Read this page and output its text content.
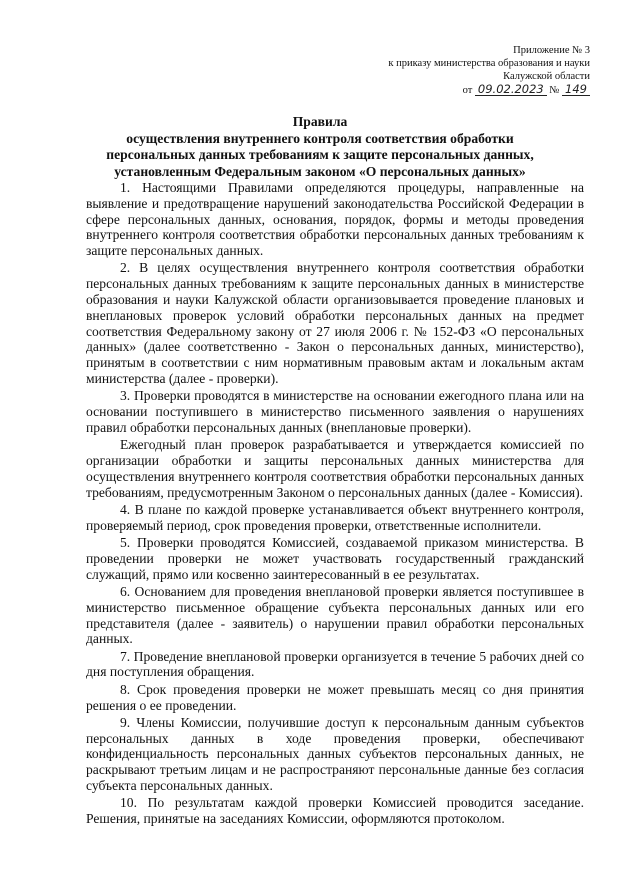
Приложение № 3
к приказу министерства образования и науки
Калужской области
от 09.02.2023 № 149
Правила
осуществления внутреннего контроля соответствия обработки персональных данных требованиям к защите персональных данных, установленным Федеральным законом «О персональных данных»

1. Настоящими Правилами определяются процедуры, направленные на выявление и предотвращение нарушений законодательства Российской Федерации в сфере персональных данных, основания, порядок, формы и методы проведения внутреннего контроля соответствия обработки персональных данных требованиям к защите персональных данных.

2. В целях осуществления внутреннего контроля соответствия обработки персональных данных требованиям к защите персональных данных в министерстве образования и науки Калужской области организовывается проведение плановых и внеплановых проверок условий обработки персональных данных на предмет соответствия Федеральному закону от 27 июля 2006 г. № 152-ФЗ «О персональных данных» (далее соответственно - Закон о персональных данных, министерство), принятым в соответствии с ним нормативным правовым актам и локальным актам министерства (далее - проверки).

3. Проверки проводятся в министерстве на основании ежегодного плана или на основании поступившего в министерство письменного заявления о нарушениях правил обработки персональных данных (внеплановые проверки).

Ежегодный план проверок разрабатывается и утверждается комиссией по организации обработки и защиты персональных данных министерства для осуществления внутреннего контроля соответствия обработки персональных данных требованиям, предусмотренным Законом о персональных данных (далее - Комиссия).

4. В плане по каждой проверке устанавливается объект внутреннего контроля, проверяемый период, срок проведения проверки, ответственные исполнители.

5. Проверки проводятся Комиссией, создаваемой приказом министерства. В проведении проверки не может участвовать государственный гражданский служащий, прямо или косвенно заинтересованный в ее результатах.

6. Основанием для проведения внеплановой проверки является поступившее в министерство письменное обращение субъекта персональных данных или его представителя (далее - заявитель) о нарушении правил обработки персональных данных.

7. Проведение внеплановой проверки организуется в течение 5 рабочих дней со дня поступления обращения.

8. Срок проведения проверки не может превышать месяц со дня принятия решения о ее проведении.

9. Члены Комиссии, получившие доступ к персональным данным субъектов персональных данных в ходе проведения проверки, обеспечивают конфиденциальность персональных данных субъектов персональных данных, не раскрывают третьим лицам и не распространяют персональные данные без согласия субъекта персональных данных.

10. По результатам каждой проверки Комиссией проводится заседание. Решения, принятые на заседаниях Комиссии, оформляются протоколом.
